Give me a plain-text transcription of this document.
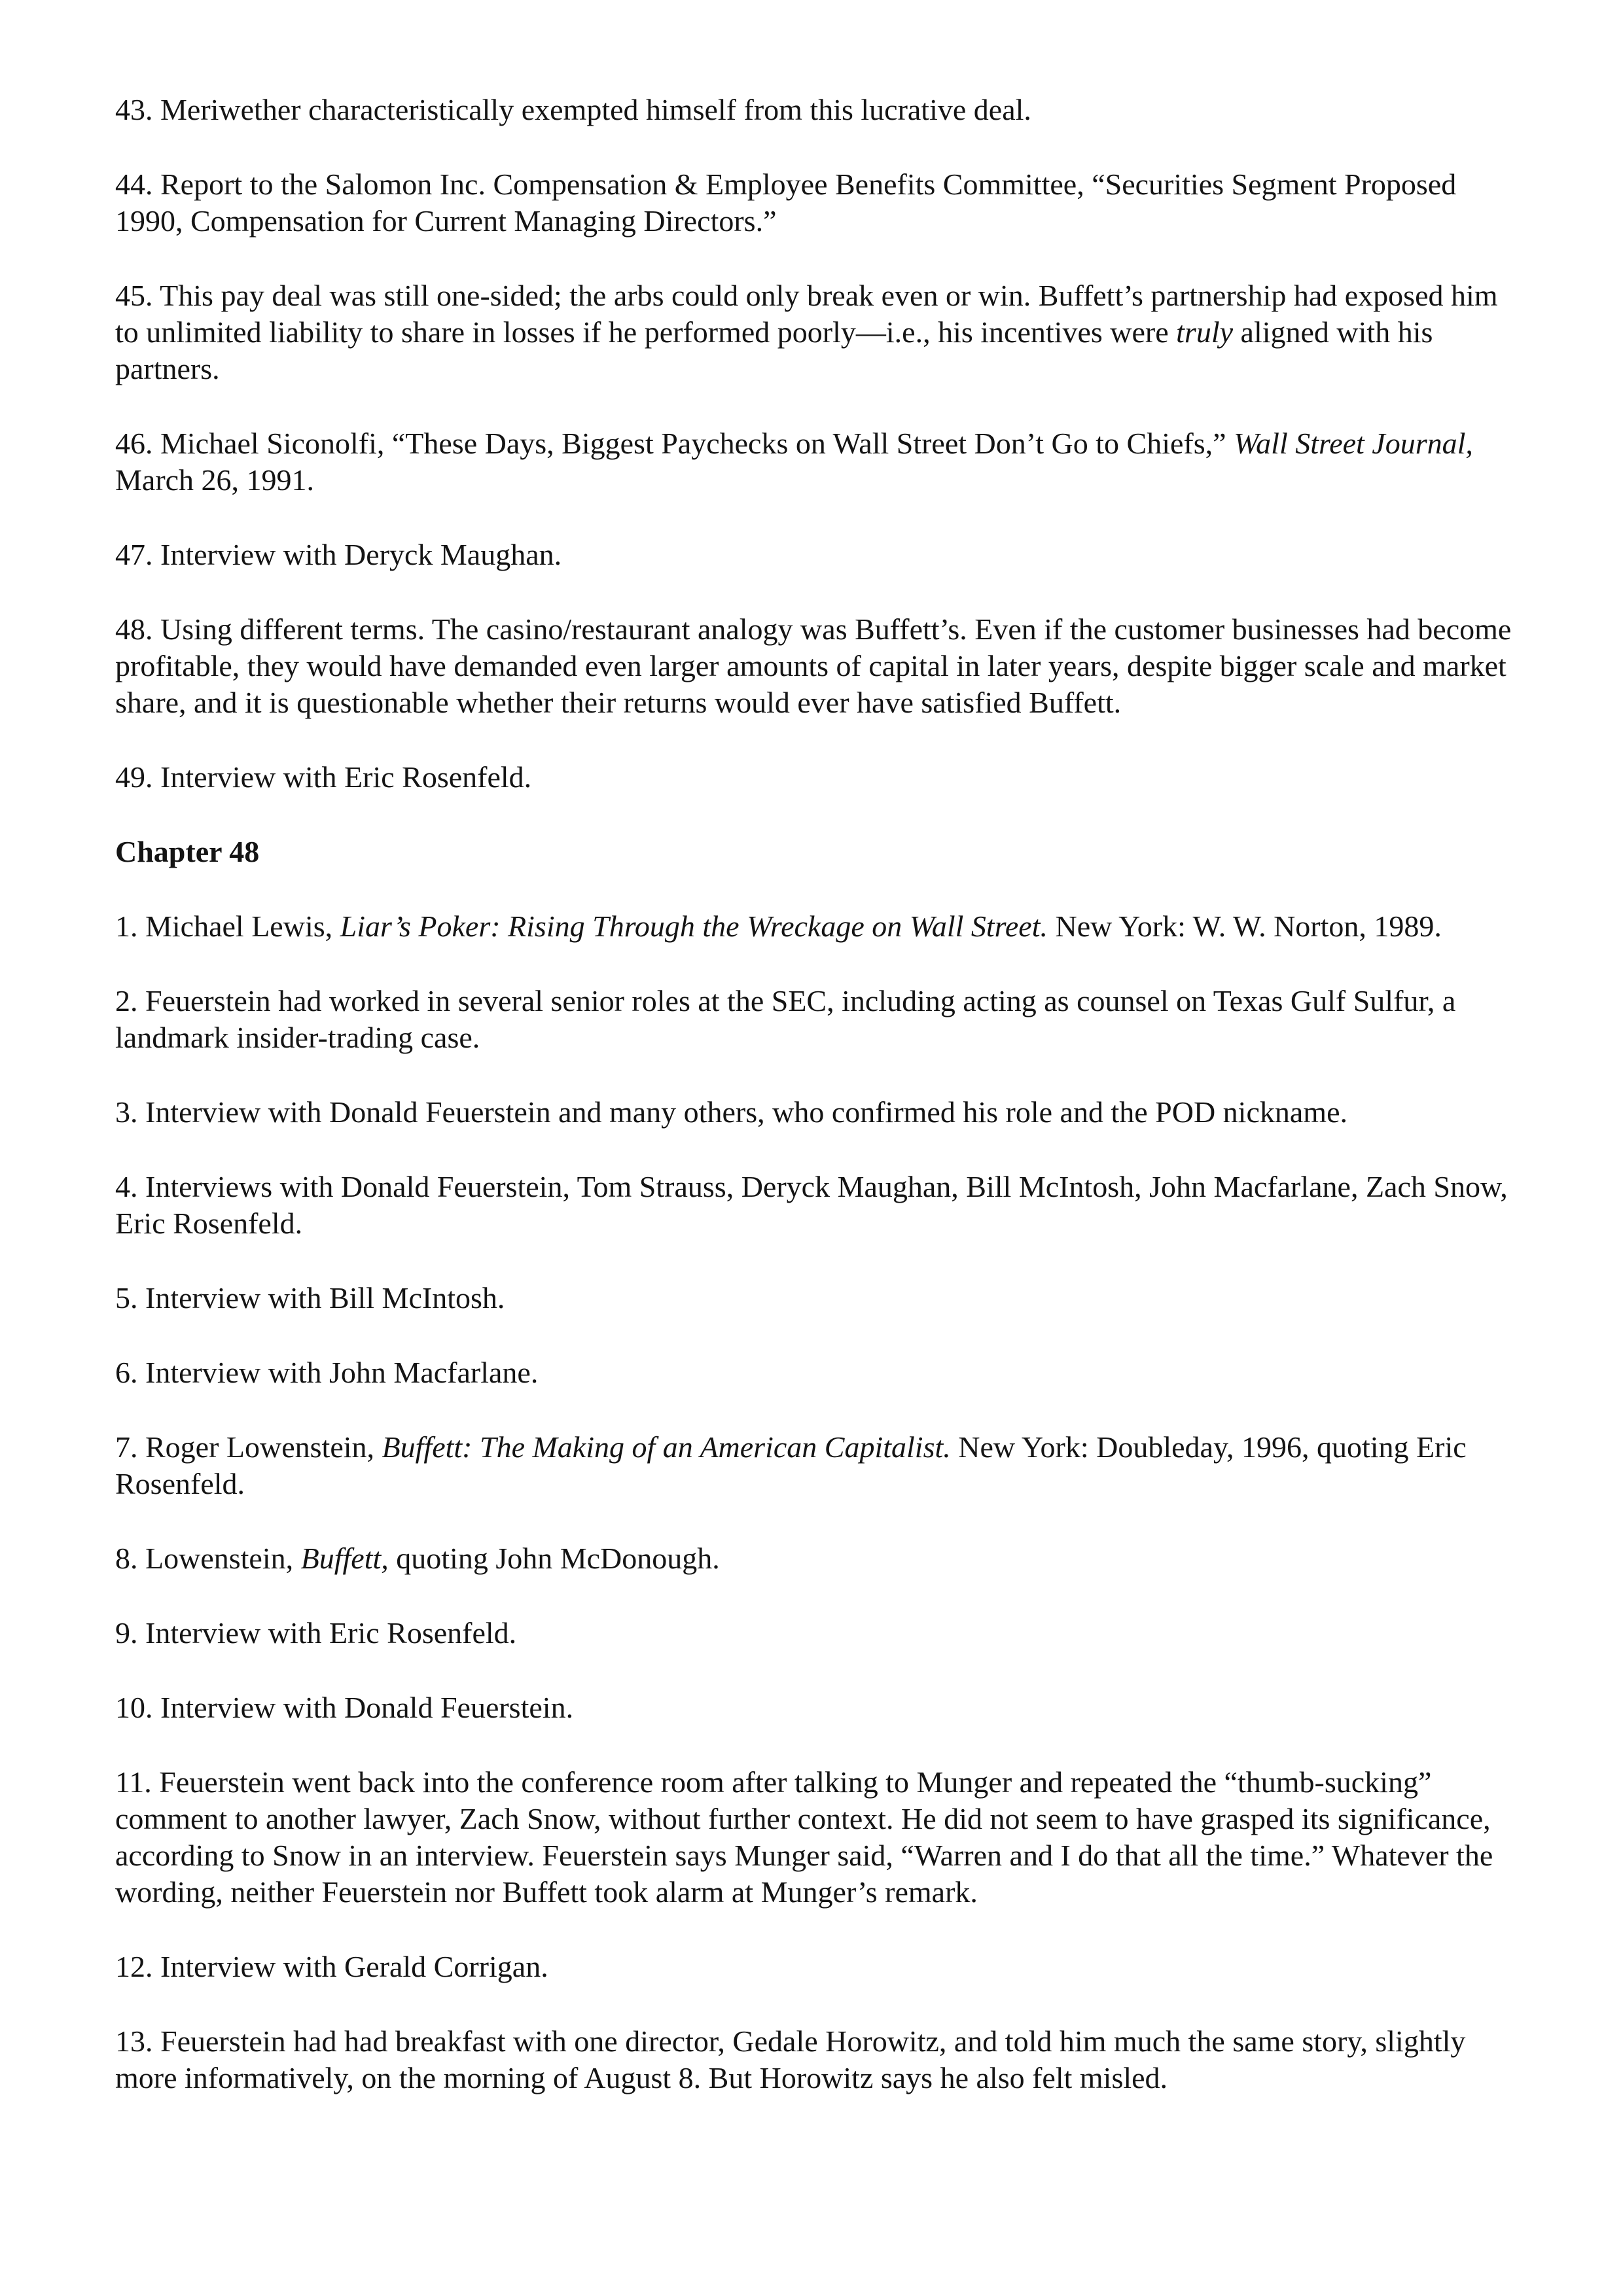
43. Meriwether characteristically exempted himself from this lucrative deal.

44. Report to the Salomon Inc. Compensation & Employee Benefits Committee, “Securities Segment Proposed 1990, Compensation for Current Managing Directors.”

45. This pay deal was still one-sided; the arbs could only break even or win. Buffett’s partnership had exposed him to unlimited liability to share in losses if he performed poorly—i.e., his incentives were truly aligned with his partners.

46. Michael Siconolfi, “These Days, Biggest Paychecks on Wall Street Don’t Go to Chiefs,” Wall Street Journal, March 26, 1991.

47. Interview with Deryck Maughan.

48. Using different terms. The casino/restaurant analogy was Buffett’s. Even if the customer businesses had become profitable, they would have demanded even larger amounts of capital in later years, despite bigger scale and market share, and it is questionable whether their returns would ever have satisfied Buffett.

49. Interview with Eric Rosenfeld.

Chapter 48

1. Michael Lewis, Liar’s Poker: Rising Through the Wreckage on Wall Street. New York: W. W. Norton, 1989.

2. Feuerstein had worked in several senior roles at the SEC, including acting as counsel on Texas Gulf Sulfur, a landmark insider-trading case.

3. Interview with Donald Feuerstein and many others, who confirmed his role and the POD nickname.

4. Interviews with Donald Feuerstein, Tom Strauss, Deryck Maughan, Bill McIntosh, John Macfarlane, Zach Snow, Eric Rosenfeld.

5. Interview with Bill McIntosh.

6. Interview with John Macfarlane.

7. Roger Lowenstein, Buffett: The Making of an American Capitalist. New York: Doubleday, 1996, quoting Eric Rosenfeld.

8. Lowenstein, Buffett, quoting John McDonough.

9. Interview with Eric Rosenfeld.

10. Interview with Donald Feuerstein.

11. Feuerstein went back into the conference room after talking to Munger and repeated the “thumb-sucking” comment to another lawyer, Zach Snow, without further context. He did not seem to have grasped its significance, according to Snow in an interview. Feuerstein says Munger said, “Warren and I do that all the time.” Whatever the wording, neither Feuerstein nor Buffett took alarm at Munger’s remark.

12. Interview with Gerald Corrigan.

13. Feuerstein had had breakfast with one director, Gedale Horowitz, and told him much the same story, slightly more informatively, on the morning of August 8. But Horowitz says he also felt misled.
